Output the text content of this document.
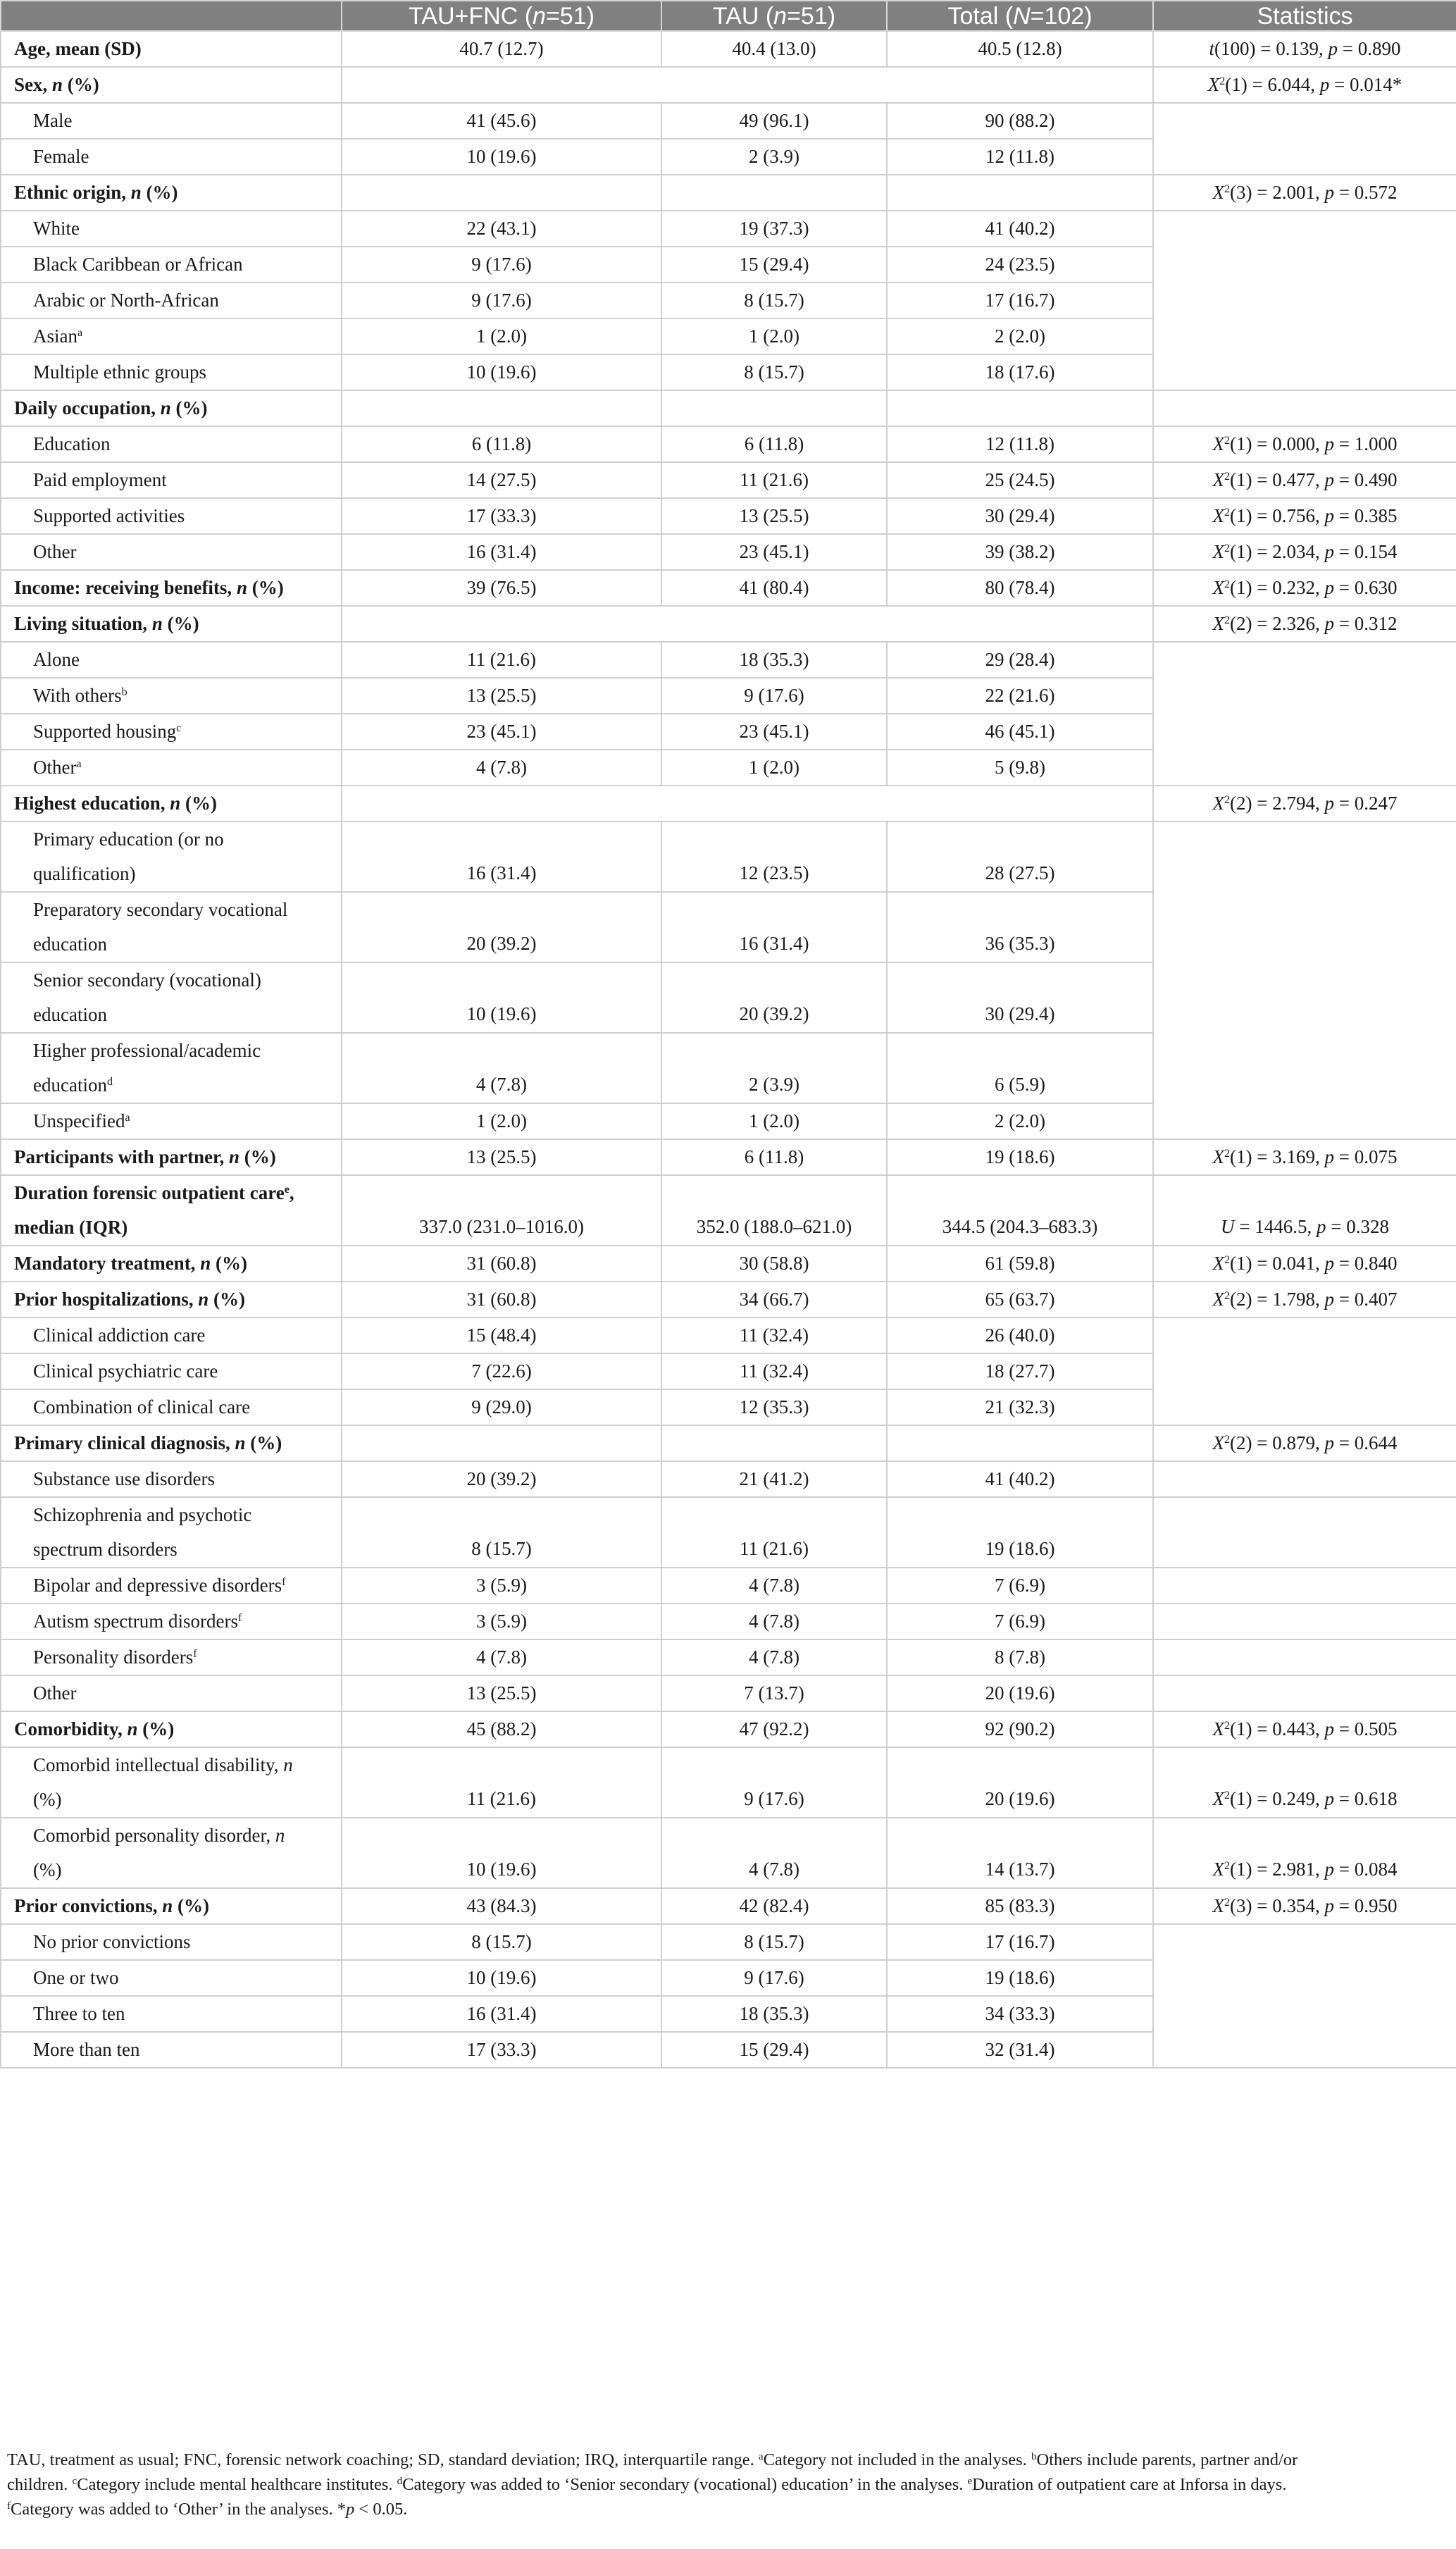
	TAU+FNC (n=51)	TAU (n=51)	Total (N=102)	Statistics
Age, mean (SD)	40.7 (12.7)	40.4 (13.0)	40.5 (12.8)	t(100) = 0.139, p = 0.890
Sex, n (%)				$X^2(1) = 6.044$, p = 0.014*
Male	41 (45.6)	49 (96.1)	90 (88.2)	
Female	10 (19.6)	2 (3.9)	12 (11.8)	
Ethnic origin, n (%)				$X^2(3) = 2.001$, p = 0.572
White	22 (43.1)	19 (37.3)	41 (40.2)	
Black Caribbean or African	9 (17.6)	15 (29.4)	24 (23.5)	
Arabic or North-African	9 (17.6)	8 (15.7)	17 (16.7)	
Asian$^a$	1 (2.0)	1 (2.0)	2 (2.0)	
Multiple ethnic groups	10 (19.6)	8 (15.7)	18 (17.6)	
Daily occupation, n (%)				
Education	6 (11.8)	6 (11.8)	12 (11.8)	$X^2(1) = 0.000$, p = 1.000
Paid employment	14 (27.5)	11 (21.6)	25 (24.5)	$X^2(1) = 0.477$, p = 0.490
Supported activities	17 (33.3)	13 (25.5)	30 (29.4)	$X^2(1) = 0.756$, p = 0.385
Other	16 (31.4)	23 (45.1)	39 (38.2)	$X^2(1) = 2.034$, p = 0.154
Income: receiving benefits, n (%)	39 (76.5)	41 (80.4)	80 (78.4)	$X^2(1) = 0.232$, p = 0.630
Living situation, n (%)				$X^2(2) = 2.326$, p = 0.312
Alone	11 (21.6)	18 (35.3)	29 (28.4)	
With others$^b$	13 (25.5)	9 (17.6)	22 (21.6)	
Supported housing$^c$	23 (45.1)	23 (45.1)	46 (45.1)	
Other$^a$	4 (7.8)	1 (2.0)	5 (9.8)	
Highest education, n (%)				$X^2(2) = 2.794$, p = 0.247

Primary education (or no
qualification)	16 (31.4)	12 (23.5)	28 (27.5)	

Preparatory secondary vocational
education	20 (39.2)	16 (31.4)	36 (35.3)	

Senior secondary (vocational)
education	10 (19.6)	20 (39.2)	30 (29.4)	

Higher professional/academic
education$^d$	4 (7.8)	2 (3.9)	6 (5.9)	
Unspecified$^a$	1 (2.0)	1 (2.0)	2 (2.0)	
Participants with partner, n (%)	13 (25.5)	6 (11.8)	19 (18.6)	$X^2(1) = 3.169$, p = 0.075

Duration forensic outpatient care$^e$,
median (IQR)	337.0 (231.0–1016.0)	352.0 (188.0–621.0)	344.5 (204.3–683.3)	U = 1446.5, p = 0.328
Mandatory treatment, n (%)	31 (60.8)	30 (58.8)	61 (59.8)	$X^2(1) = 0.041$, p = 0.840
Prior hospitalizations, n (%)	31 (60.8)	34 (66.7)	65 (63.7)	$X^2(2) = 1.798$, p = 0.407
Clinical addiction care	15 (48.4)	11 (32.4)	26 (40.0)	
Clinical psychiatric care	7 (22.6)	11 (32.4)	18 (27.7)	
Combination of clinical care	9 (29.0)	12 (35.3)	21 (32.3)	
Primary clinical diagnosis, n (%)				$X^2(2) = 0.879$, p = 0.644
Substance use disorders	20 (39.2)	21 (41.2)	41 (40.2)	

Schizophrenia and psychotic
spectrum disorders	8 (15.7)	11 (21.6)	19 (18.6)	
Bipolar and depressive disorders$^f$	3 (5.9)	4 (7.8)	7 (6.9)	
Autism spectrum disorders$^f$	3 (5.9)	4 (7.8)	7 (6.9)	
Personality disorders$^f$	4 (7.8)	4 (7.8)	8 (7.8)	
Other	13 (25.5)	7 (13.7)	20 (19.6)	
Comorbidity, n (%)	45 (88.2)	47 (92.2)	92 (90.2)	$X^2(1) = 0.443$, p = 0.505

Comorbid intellectual disability, n
(%)	11 (21.6)	9 (17.6)	20 (19.6)	$X^2(1) = 0.249$, p = 0.618

Comorbid personality disorder, n
(%)	10 (19.6)	4 (7.8)	14 (13.7)	$X^2(1) = 2.981$, p = 0.084
Prior convictions, n (%)	43 (84.3)	42 (82.4)	85 (83.3)	$X^2(3) = 0.354$, p = 0.950
No prior convictions	8 (15.7)	8 (15.7)	17 (16.7)	
One or two	10 (19.6)	9 (17.6)	19 (18.6)	
Three to ten	16 (31.4)	18 (35.3)	34 (33.3)	
More than ten	17 (33.3)	15 (29.4)	32 (31.4)	
TAU, treatment as usual; FNC, forensic network coaching; SD, standard deviation; IRQ, interquartile range. $^a$Category not included in the analyses. $^b$Others include parents, partner and/or
children. $^c$Category include mental healthcare institutes. $^d$Category was added to ‘Senior secondary (vocational) education’ in the analyses. $^e$Duration of outpatient care at Inforsa in days.
$^f$Category was added to ‘Other’ in the analyses. *p < 0.05.
